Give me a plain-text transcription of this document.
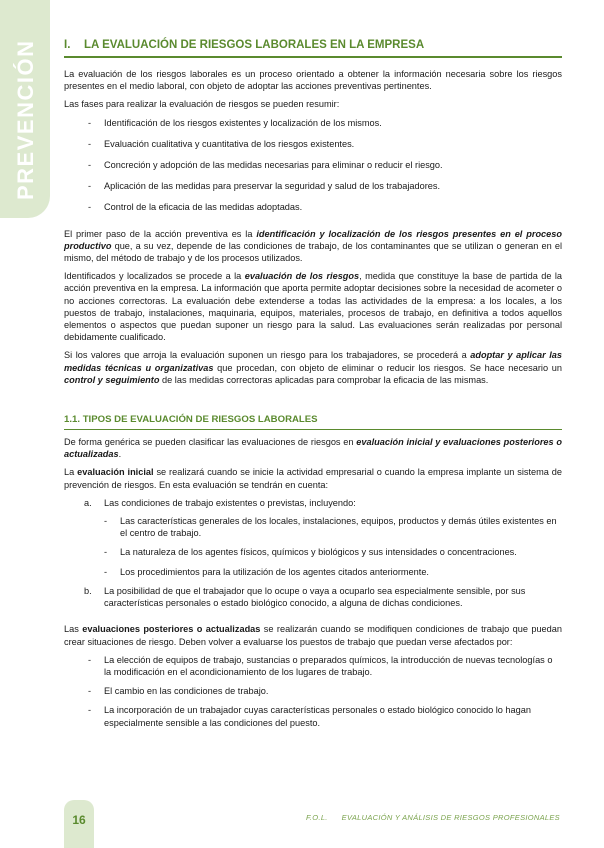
PREVENCIÓN I.	LA EVALUACIÓN DE RIESGOS LABORALES EN LA EMPRESA

La evaluación de los riesgos laborales es un proceso orientado a obtener la información necesaria sobre los riesgos presentes en el medio laboral, con objeto de adoptar las acciones preventivas pertinentes.

Las fases para realizar la evaluación de riesgos se pueden resumir:

- Identificación de los riesgos existentes y localización de los mismos.
- Evaluación cualitativa y cuantitativa de los riesgos existentes.
- Concreción y adopción de las medidas necesarias para eliminar o reducir el riesgo.
- Aplicación de las medidas para preservar la seguridad y salud de los trabajadores.
- Control de la eficacia de las medidas adoptadas.

El primer paso de la acción preventiva es la identificación y localización de los riesgos presentes en el proceso productivo que, a su vez, depende de las condiciones de trabajo, de los contaminantes que se utilizan o generan en el mismo, del método de trabajo y de los procesos utilizados.

Identificados y localizados se procede a la evaluación de los riesgos, medida que constituye la base de partida de la acción preventiva en la empresa. La información que aporta permite adoptar decisiones sobre la necesidad de acometer o no acciones correctoras. La evaluación debe extenderse a todas las actividades de la empresa: a los locales, a los puestos de trabajo, instalaciones, maquinaria, equipos, materiales, procesos de trabajo, en definitiva a todos aquellos elementos o aspectos que puedan suponer un riesgo para la salud. Las evaluaciones serán realizadas por personal debidamente cualificado.

Si los valores que arroja la evaluación suponen un riesgo para los trabajadores, se procederá a adoptar y aplicar las medidas técnicas u organizativas que procedan, con objeto de eliminar o reducir los riesgos. Se hace necesario un control y seguimiento de las medidas correctoras aplicadas para comprobar la eficacia de las mismas.

1.1. TIPOS DE EVALUACIÓN DE RIESGOS LABORALES

De forma genérica se pueden clasificar las evaluaciones de riesgos en evaluación inicial y evaluaciones posteriores o actualizadas.

La evaluación inicial se realizará cuando se inicie la actividad empresarial o cuando la empresa implante un sistema de prevención de riesgos. En esta evaluación se tendrán en cuenta:

a. Las condiciones de trabajo existentes o previstas, incluyendo:
- Las características generales de los locales, instalaciones, equipos, productos y demás útiles existentes en el centro de trabajo.
- La naturaleza de los agentes físicos, químicos y biológicos y sus intensidades o concentraciones.
- Los procedimientos para la utilización de los agentes citados anteriormente.
b. La posibilidad de que el trabajador que lo ocupe o vaya a ocuparlo sea especialmente sensible, por sus características personales o estado biológico conocido, a alguna de dichas condiciones.

Las evaluaciones posteriores o actualizadas se realizarán cuando se modifiquen condiciones de trabajo que puedan crear situaciones de riesgo. Deben volver a evaluarse los puestos de trabajo que puedan verse afectados por:

- La elección de equipos de trabajo, sustancias o preparados químicos, la introducción de nuevas tecnologías o la modificación en el acondicionamiento de los lugares de trabajo.
- El cambio en las condiciones de trabajo.
- La incorporación de un trabajador cuyas características personales o estado biológico conocido lo hagan especialmente sensible a las condiciones del puesto.
16	F.O.L. EVALUACIÓN Y ANÁLISIS DE RIESGOS PROFESIONALES
